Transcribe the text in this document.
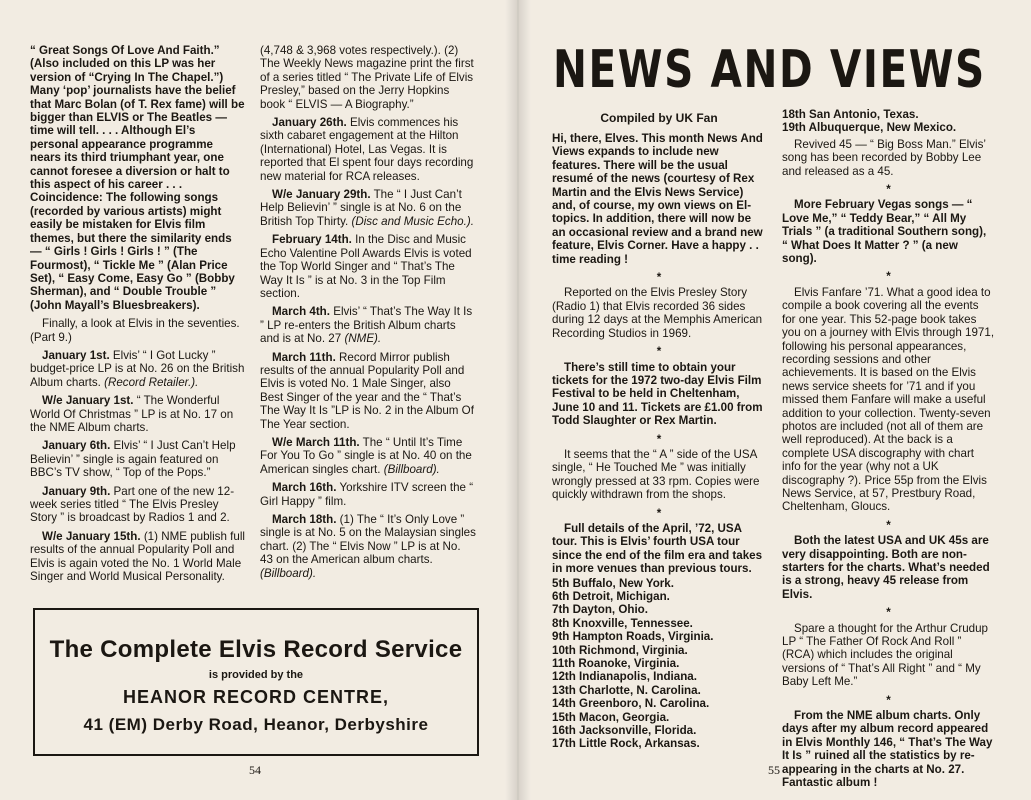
“ Great Songs Of Love And Faith.” (Also included on this LP was her version of “Crying In The Chapel.”) Many ‘pop’ journalists have the belief that Marc Bolan (of T. Rex fame) will be bigger than ELVIS or The Beatles — time will tell. . . . Although El’s personal appearance programme nears its third triumphant year, one cannot foresee a diversion or halt to this aspect of his career . . . Coincidence: The following songs (recorded by various artists) might easily be mistaken for Elvis film themes, but there the similarity ends — “ Girls ! Girls ! Girls ! ” (The Fourmost), “ Tickle Me ” (Alan Price Set), “ Easy Come, Easy Go ” (Bobby Sherman), and “ Double Trouble ” (John Mayall’s Bluesbreakers).

Finally, a look at Elvis in the seventies. (Part 9.)

January 1st. Elvis’ “ I Got Lucky ” budget-price LP is at No. 26 on the British Album charts. (Record Retailer.).

W/e January 1st. “ The Wonderful World Of Christmas ” LP is at No. 17 on the NME Album charts.

January 6th. Elvis’ “ I Just Can’t Help Believin’ ” single is again featured on BBC’s TV show, “ Top of the Pops.”

January 9th. Part one of the new 12-week series titled “ The Elvis Presley Story ” is broadcast by Radios 1 and 2.

W/e January 15th. (1) NME publish full results of the annual Popularity Poll and Elvis is again voted the No. 1 World Male Singer and World Musical Personality.

(4,748 & 3,968 votes respectively.). (2) The Weekly News magazine print the first of a series titled “ The Private Life of Elvis Presley,” based on the Jerry Hopkins book “ ELVIS — A Biography.”

January 26th. Elvis commences his sixth cabaret engagement at the Hilton (International) Hotel, Las Vegas. It is reported that El spent four days recording new material for RCA releases.

W/e January 29th. The “ I Just Can’t Help Believin’ ” single is at No. 6 on the British Top Thirty. (Disc and Music Echo.).

February 14th. In the Disc and Music Echo Valentine Poll Awards Elvis is voted the Top World Singer and “ That’s The Way It Is ” is at No. 3 in the Top Film section.

March 4th. Elvis’ “ That’s The Way It Is ” LP re-enters the British Album charts and is at No. 27 (NME).

March 11th. Record Mirror publish results of the annual Popularity Poll and Elvis is voted No. 1 Male Singer, also Best Singer of the year and the “ That’s The Way It Is ”LP is No. 2 in the Album Of The Year section.

W/e March 11th. The “ Until It’s Time For You To Go ” single is at No. 40 on the American singles chart. (Billboard).

March 16th. Yorkshire ITV screen the “ Girl Happy ” film.

March 18th. (1) The “ It’s Only Love ” single is at No. 5 on the Malaysian singles chart. (2) The “ Elvis Now ” LP is at No. 43 on the American album charts. (Billboard).

The Complete Elvis Record Service
is provided by the
HEANOR RECORD CENTRE,
41 (EM) Derby Road, Heanor, Derbyshire
54
NEWS AND VIEWS
Compiled by UK Fan

Hi, there, Elves. This month News And Views expands to include new features. There will be the usual resumé of the news (courtesy of Rex Martin and the Elvis News Service) and, of course, my own views on El-topics. In addition, there will now be an occasional review and a brand new feature, Elvis Corner. Have a happy . . time reading !

*

Reported on the Elvis Presley Story (Radio 1) that Elvis recorded 36 sides during 12 days at the Memphis American Recording Studios in 1969.

*

There’s still time to obtain your tickets for the 1972 two-day Elvis Film Festival to be held in Cheltenham, June 10 and 11. Tickets are £1.00 from Todd Slaughter or Rex Martin.

*

It seems that the “ A ” side of the USA single, “ He Touched Me ” was initially wrongly pressed at 33 rpm. Copies were quickly withdrawn from the shops.

*

Full details of the April, ’72, USA tour. This is Elvis’ fourth USA tour since the end of the film era and takes in more venues than previous tours.

5th Buffalo, New York.
6th Detroit, Michigan.
7th Dayton, Ohio.
8th Knoxville, Tennessee.
9th Hampton Roads, Virginia.
10th Richmond, Virginia.
11th Roanoke, Virginia.
12th Indianapolis, Indiana.
13th Charlotte, N. Carolina.
14th Greenboro, N. Carolina.
15th Macon, Georgia.
16th Jacksonville, Florida.
17th Little Rock, Arkansas.
18th San Antonio, Texas.
19th Albuquerque, New Mexico.

Revived 45 — “ Big Boss Man.” Elvis’ song has been recorded by Bobby Lee and released as a 45.

*

More February Vegas songs — “ Love Me,” “ Teddy Bear,” “ All My Trials ” (a traditional Southern song), “ What Does It Matter ? ” (a new song).

*

Elvis Fanfare ’71. What a good idea to compile a book covering all the events for one year. This 52-page book takes you on a journey with Elvis through 1971, following his personal appearances, recording sessions and other achievements. It is based on the Elvis news service sheets for ’71 and if you missed them Fanfare will make a useful addition to your collection. Twenty-seven photos are included (not all of them are well reproduced). At the back is a complete USA discography with chart info for the year (why not a UK discography ?). Price 55p from the Elvis News Service, at 57, Prestbury Road, Cheltenham, Gloucs.

*

Both the latest USA and UK 45s are very disappointing. Both are non-starters for the charts. What’s needed is a strong, heavy 45 release from Elvis.

*

Spare a thought for the Arthur Crudup LP “ The Father Of Rock And Roll ” (RCA) which includes the original versions of “ That’s All Right ” and “ My Baby Left Me.”

*

From the NME album charts. Only days after my album record appeared in Elvis Monthly 146, “ That’s The Way It Is ” ruined all the statistics by re-appearing in the charts at No. 27. Fantastic album !

55
